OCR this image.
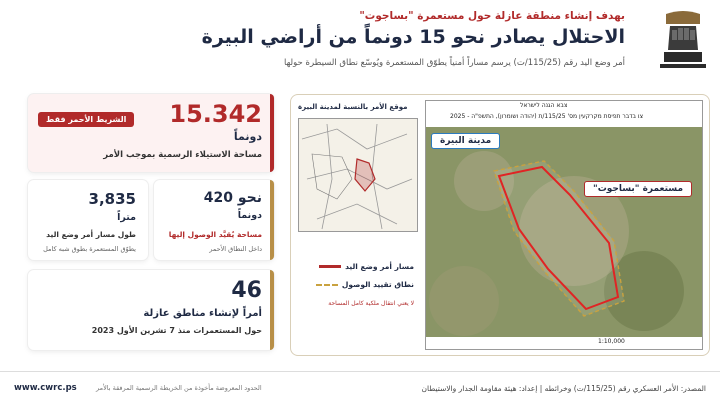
بهدف إنشاء منطقة عازلة حول مستعمرة "بساجوت"
الاحتلال يصادر نحو 15 دونماً من أراضي البيرة
أمر وضع اليد رقم (115/25/ت) يرسم مساراً أمنياً يطوّق المستعمرة ويُوسّع نطاق السيطرة حولها
15.342
دونماً
مساحة الاستيلاء الرسمية بموجب الأمر
الشريط الأحمر فقط
نحو 420
دونماً
مساحة يُقيَّد الوصول إليها
داخل النطاق الأحمر
3,835
متراً
طول مسار أمر وضع اليد
يطوّق المستعمرة بطوق شبه كامل
46
أمراً لإنشاء مناطق عازلة
حول المستعمرات منذ 7 تشرين الأول 2023
موقع الأمر بالنسبة لمدينة البيرة	צבא הגנה לישראל
צו בדבר תפיסת מקרקעין מס' 115/25/ת (יהודה ושומרון), התשפ"ה - 2025
مدينة البيرة
مستعمرة "بساجوت"
مسار أمر وضع اليد
نطاق تقييد الوصول
لا يعني انتقال ملكية كامل المساحة
1:10,000
المصدر: الأمر العسكري رقم (115/25/ت) وخرائطه | إعداد: هيئة مقاومة الجدار والاستيطان
الحدود المعروضة مأخوذة من الخريطة الرسمية المرفقة بالأمر
www.cwrc.ps
